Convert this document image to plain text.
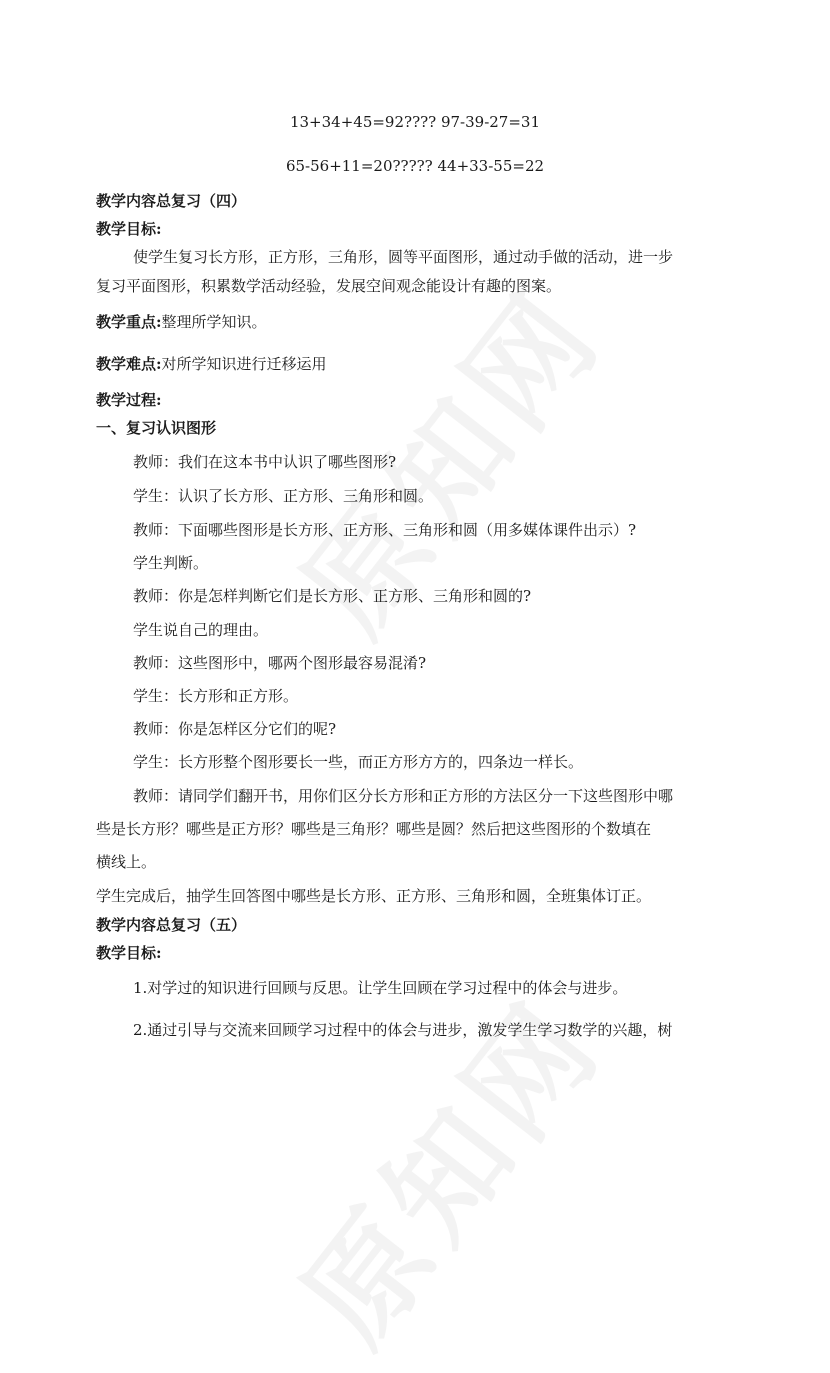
13+34+45=92???? 97-39-27=31
65-56+11=20????? 44+33-55=22
教学内容总复习（四）
教学目标:
使学生复习长方形，正方形，三角形，圆等平面图形，通过动手做的活动，进一步
复习平面图形，积累数学活动经验，发展空间观念能设计有趣的图案。
教学重点:整理所学知识。
教学难点:对所学知识进行迁移运用
教学过程:
一、复习认识图形
教师：我们在这本书中认识了哪些图形?
学生：认识了长方形、正方形、三角形和圆。
教师：下面哪些图形是长方形、正方形、三角形和圆（用多媒体课件出示）?
学生判断。
教师：你是怎样判断它们是长方形、正方形、三角形和圆的?
学生说自己的理由。
教师：这些图形中，哪两个图形最容易混淆?
学生：长方形和正方形。
教师：你是怎样区分它们的呢?
学生：长方形整个图形要长一些，而正方形方方的，四条边一样长。
教师：请同学们翻开书，用你们区分长方形和正方形的方法区分一下这些图形中哪
些是长方形？哪些是正方形？哪些是三角形？哪些是圆？然后把这些图形的个数填在
横线上。
学生完成后，抽学生回答图中哪些是长方形、正方形、三角形和圆，全班集体订正。
教学内容总复习（五）
教学目标:
1.对学过的知识进行回顾与反思。让学生回顾在学习过程中的体会与进步。
2.通过引导与交流来回顾学习过程中的体会与进步，激发学生学习数学的兴趣，树
